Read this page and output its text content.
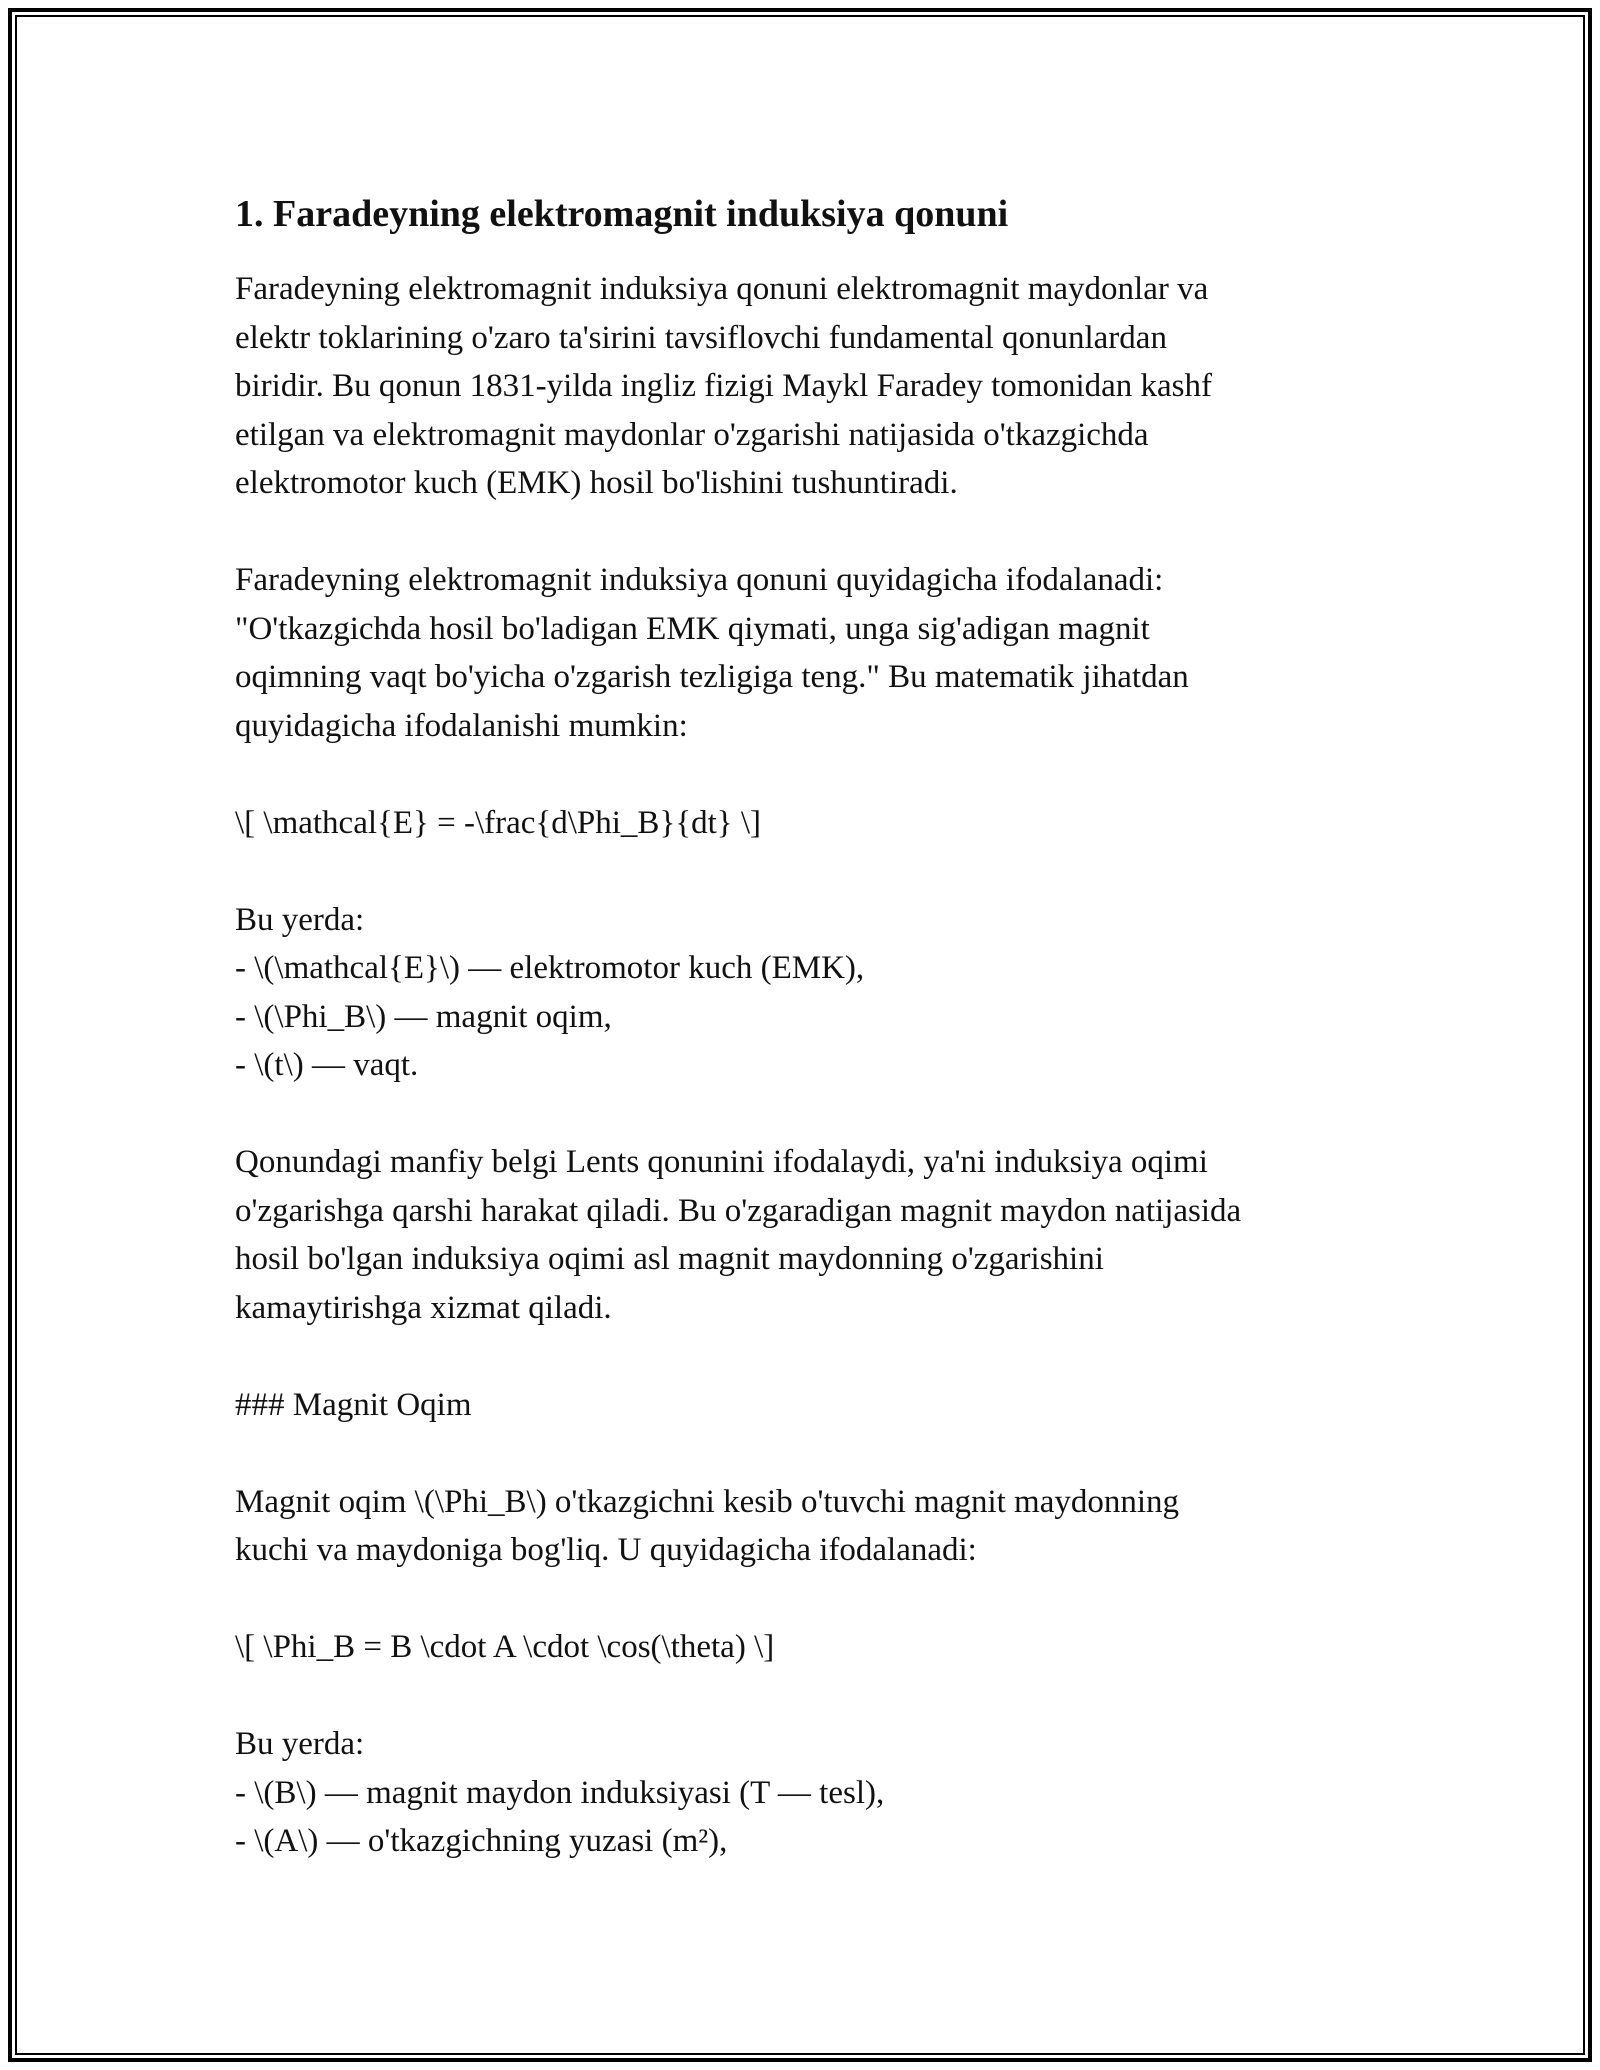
1. Faradeyning elektromagnit induksiya qonuni
Faradeyning elektromagnit induksiya qonuni elektromagnit maydonlar va
elektr toklarining o'zaro ta'sirini tavsiflovchi fundamental qonunlardan
biridir. Bu qonun 1831-yilda ingliz fizigi Maykl Faradey tomonidan kashf
etilgan va elektromagnit maydonlar o'zgarishi natijasida o'tkazgichda
elektromotor kuch (EMK) hosil bo'lishini tushuntiradi.
Faradeyning elektromagnit induksiya qonuni quyidagicha ifodalanadi:
"O'tkazgichda hosil bo'ladigan EMK qiymati, unga sig'adigan magnit
oqimning vaqt bo'yicha o'zgarish tezligiga teng." Bu matematik jihatdan
quyidagicha ifodalanishi mumkin:
\[ \mathcal{E} = -\frac{d\Phi_B}{dt} \]
Bu yerda:
- \(\mathcal{E}\) — elektromotor kuch (EMK),
- \(\Phi_B\) — magnit oqim,
- \(t\) — vaqt.
Qonundagi manfiy belgi Lents qonunini ifodalaydi, ya'ni induksiya oqimi
o'zgarishga qarshi harakat qiladi. Bu o'zgaradigan magnit maydon natijasida
hosil bo'lgan induksiya oqimi asl magnit maydonning o'zgarishini
kamaytirishga xizmat qiladi.
### Magnit Oqim
Magnit oqim \(\Phi_B\) o'tkazgichni kesib o'tuvchi magnit maydonning
kuchi va maydoniga bog'liq. U quyidagicha ifodalanadi:
\[ \Phi_B = B \cdot A \cdot \cos(\theta) \]
Bu yerda:
- \(B\) — magnit maydon induksiyasi (T — tesl),
- \(A\) — o'tkazgichning yuzasi (m²),
